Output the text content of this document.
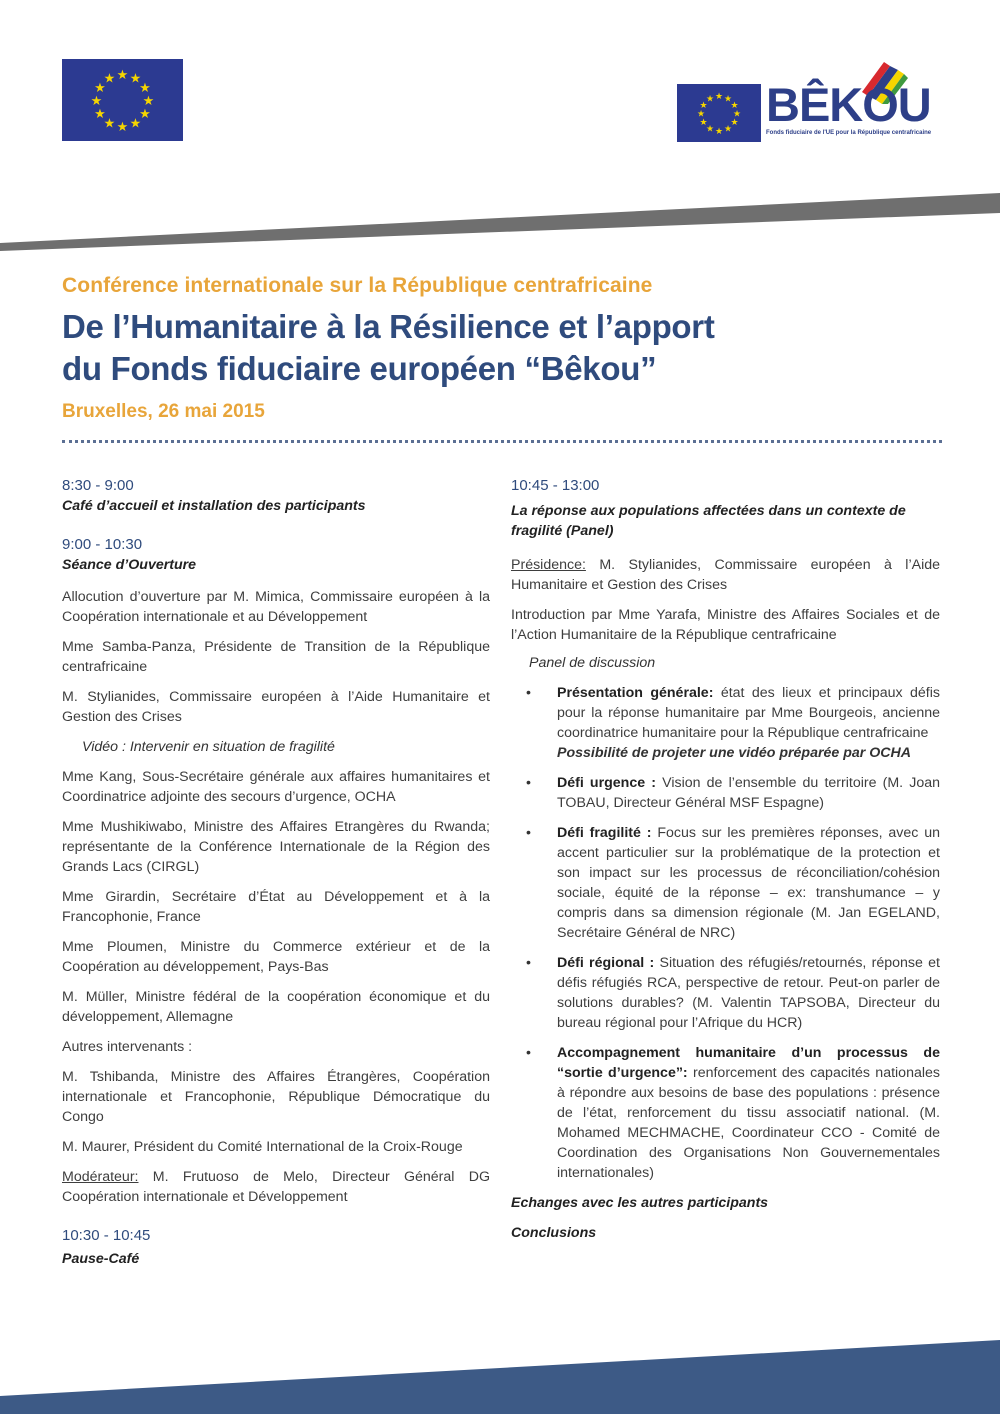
★ ★
★
★
★
★
★
★
★
★
★
★
★ ★
★
★
★
★
★
★
★
★
★
★ BÊKOU
Fonds fiduciaire de l'UE pour la République centrafricaine
Conférence internationale sur la République centrafricaine
De l’Humanitaire à la Résilience et l’apport
du Fonds fiduciaire européen “Bêkou”
Bruxelles, 26 mai 2015
8:30 - 9:00
Café d’accueil et installation des participants
9:00 - 10:30
Séance d’Ouverture
Allocution d’ouverture par M. Mimica, Commissaire européen à la Coopération internationale et au Développement
Mme Samba-Panza, Présidente de Transition de la République centrafricaine
M. Stylianides, Commissaire européen à l’Aide Humanitaire et Gestion des Crises
Vidéo : Intervenir en situation de fragilité
Mme Kang, Sous-Secrétaire générale aux affaires humanitaires et Coordinatrice adjointe des secours d’urgence, OCHA
Mme Mushikiwabo, Ministre des Affaires Etrangères du Rwanda; représentante de la Conférence Internationale de la Région des Grands Lacs (CIRGL)
Mme Girardin, Secrétaire d’État au Développement et à la Francophonie, France
Mme Ploumen, Ministre du Commerce extérieur et de la Coopération au développement, Pays-Bas
M. Müller, Ministre fédéral de la coopération économique et du développement, Allemagne
Autres intervenants :
M. Tshibanda, Ministre des Affaires Étrangères, Coopération internationale et Francophonie, République Démocratique du Congo
M. Maurer, Président du Comité International de la Croix-Rouge
Modérateur: M. Frutuoso de Melo, Directeur Général DG Coopération internationale et Développement
10:30 - 10:45
Pause-Café
10:45 - 13:00
La réponse aux populations affectées dans un contexte de fragilité (Panel)
Présidence: M. Stylianides, Commissaire européen à l’Aide Humanitaire et Gestion des Crises
Introduction par Mme Yarafa, Ministre des Affaires Sociales et de l’Action Humanitaire de la République centrafricaine
Panel de discussion
• Présentation générale: état des lieux et principaux défis pour la réponse humanitaire par Mme Bourgeois, ancienne coordinatrice humanitaire pour la République centrafricaine
Possibilité de projeter une vidéo préparée par OCHA
• Défi urgence : Vision de l’ensemble du territoire (M. Joan TOBAU, Directeur Général MSF Espagne)
• Défi fragilité : Focus sur les premières réponses, avec un accent particulier sur la problématique de la protection et son impact sur les processus de réconciliation/cohésion sociale, équité de la réponse – ex: transhumance – y compris dans sa dimension régionale (M. Jan EGELAND, Secrétaire Général de NRC)
• Défi régional : Situation des réfugiés/retournés, réponse et défis réfugiés RCA, perspective de retour. Peut-on parler de solutions durables? (M. Valentin TAPSOBA, Directeur du bureau régional pour l’Afrique du HCR)
• Accompagnement humanitaire d’un processus de “sortie d’urgence”: renforcement des capacités nationales à répondre aux besoins de base des populations : présence de l’état, renforcement du tissu associatif national. (M. Mohamed MECHMACHE, Coordinateur CCO - Comité de Coordination des Organisations Non Gouvernementales internationales)
Echanges avec les autres participants
Conclusions
